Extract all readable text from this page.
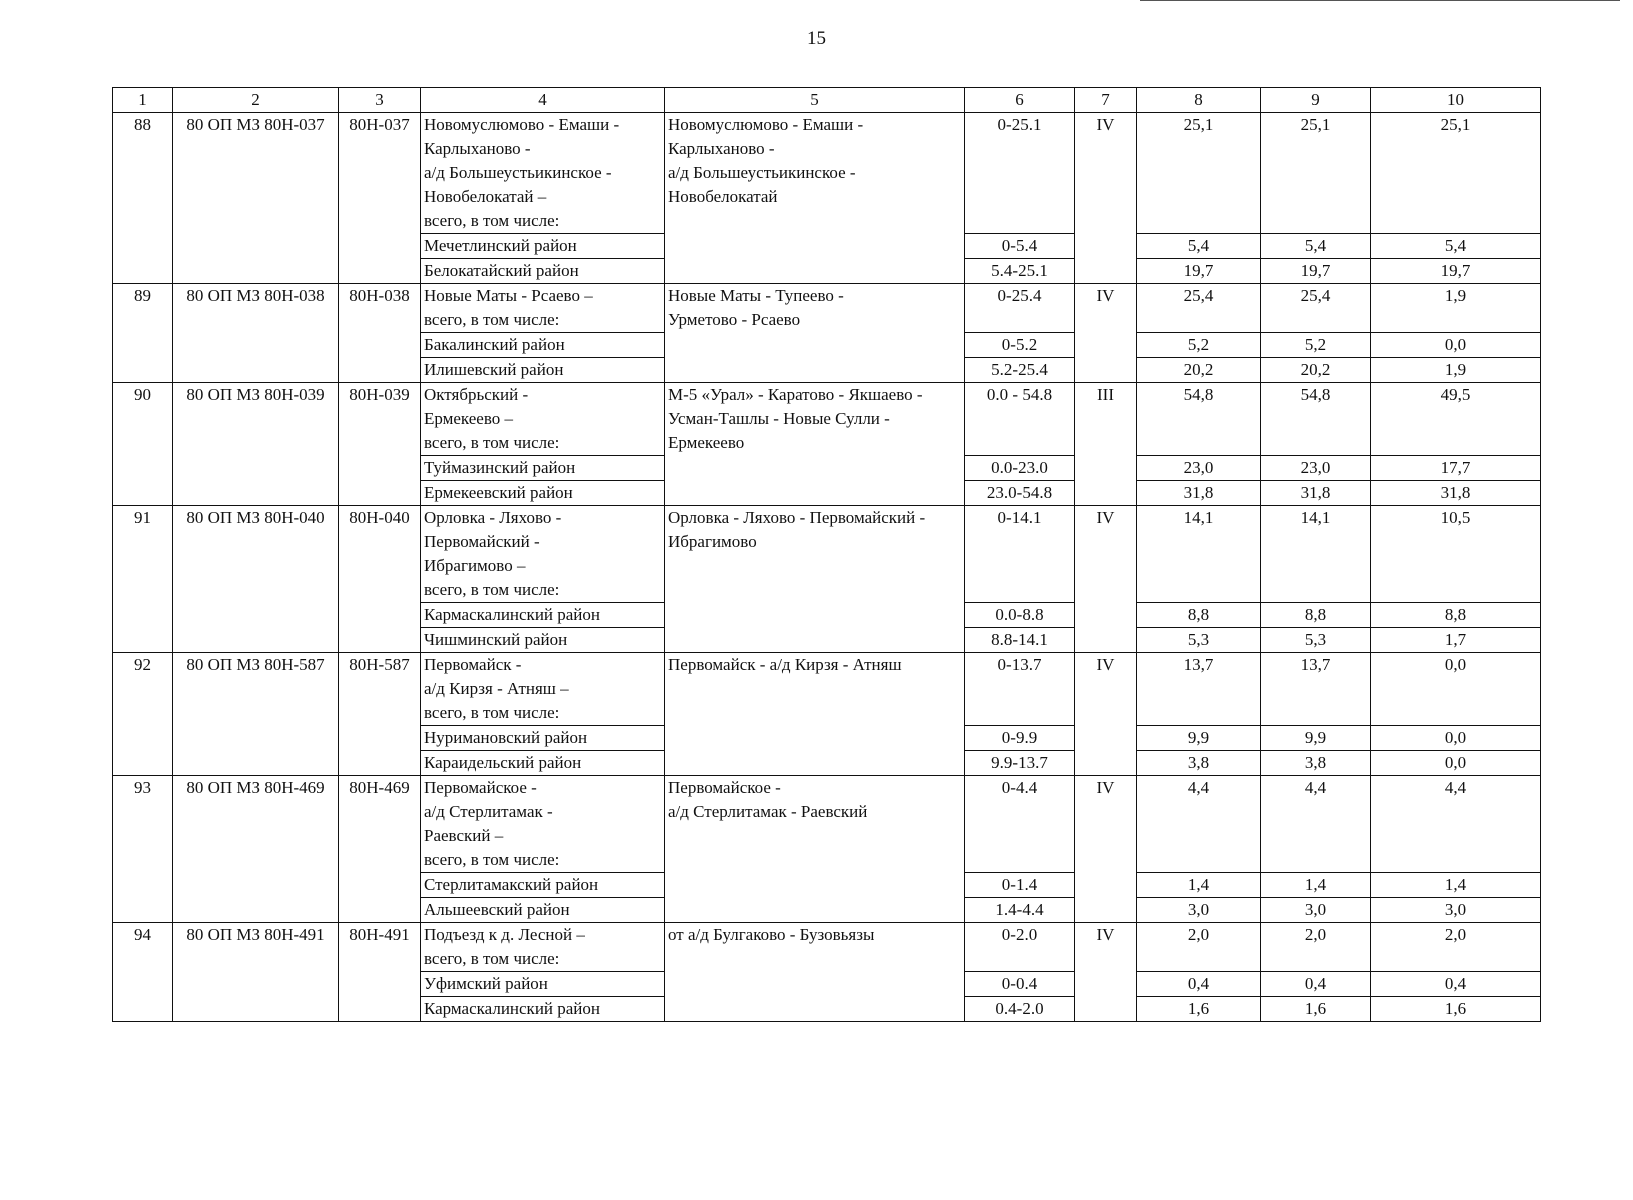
15
1	2	3	4	5	6	7	8	9	10
88	80 ОП МЗ 80Н-037	80Н-037	Новомуслюмово - Емаши -
Карлыханово -
а/д Большеустьикинское -
Новобелокатай –
всего, в том числе:	Новомуслюмово - Емаши -
Карлыханово -
а/д Большеустьикинское -
Новобелокатай	0-25.1	IV	25,1	25,1	25,1
			Мечетлинский район		0-5.4		5,4	5,4	5,4
			Белокатайский район		5.4-25.1		19,7	19,7	19,7
89	80 ОП МЗ 80Н-038	80Н-038	Новые Маты - Рсаево –
всего, в том числе:	Новые Маты - Тупеево -
Урметово - Рсаево	0-25.4	IV	25,4	25,4	1,9
			Бакалинский район		0-5.2		5,2	5,2	0,0
			Илишевский район		5.2-25.4		20,2	20,2	1,9
90	80 ОП МЗ 80Н-039	80Н-039	Октябрьский -
Ермекеево –
всего, в том числе:	М-5 «Урал» - Каратово - Якшаево -
Усман-Ташлы - Новые Сулли -
Ермекеево	0.0 - 54.8	III	54,8	54,8	49,5
			Туймазинский район		0.0-23.0		23,0	23,0	17,7
			Ермекеевский район		23.0-54.8		31,8	31,8	31,8
91	80 ОП МЗ 80Н-040	80Н-040	Орловка - Ляхово -
Первомайский -
Ибрагимово –
всего, в том числе:	Орловка - Ляхово - Первомайский -
Ибрагимово	0-14.1	IV	14,1	14,1	10,5
			Кармаскалинский район		0.0-8.8		8,8	8,8	8,8
			Чишминский район		8.8-14.1		5,3	5,3	1,7
92	80 ОП МЗ 80Н-587	80Н-587	Первомайск -
а/д Кирзя - Атняш –
всего, в том числе:	Первомайск - а/д Кирзя - Атняш	0-13.7	IV	13,7	13,7	0,0
			Нуримановский район		0-9.9		9,9	9,9	0,0
			Караидельский район		9.9-13.7		3,8	3,8	0,0
93	80 ОП МЗ 80Н-469	80Н-469	Первомайское -
а/д Стерлитамак -
Раевский –
всего, в том числе:	Первомайское -
а/д Стерлитамак - Раевский	0-4.4	IV	4,4	4,4	4,4
			Стерлитамакский район		0-1.4		1,4	1,4	1,4
			Альшеевский район		1.4-4.4		3,0	3,0	3,0
94	80 ОП МЗ 80Н-491	80Н-491	Подъезд к д. Лесной –
всего, в том числе:	от а/д Булгаково - Бузовьязы	0-2.0	IV	2,0	2,0	2,0
			Уфимский район		0-0.4		0,4	0,4	0,4
			Кармаскалинский район		0.4-2.0		1,6	1,6	1,6
